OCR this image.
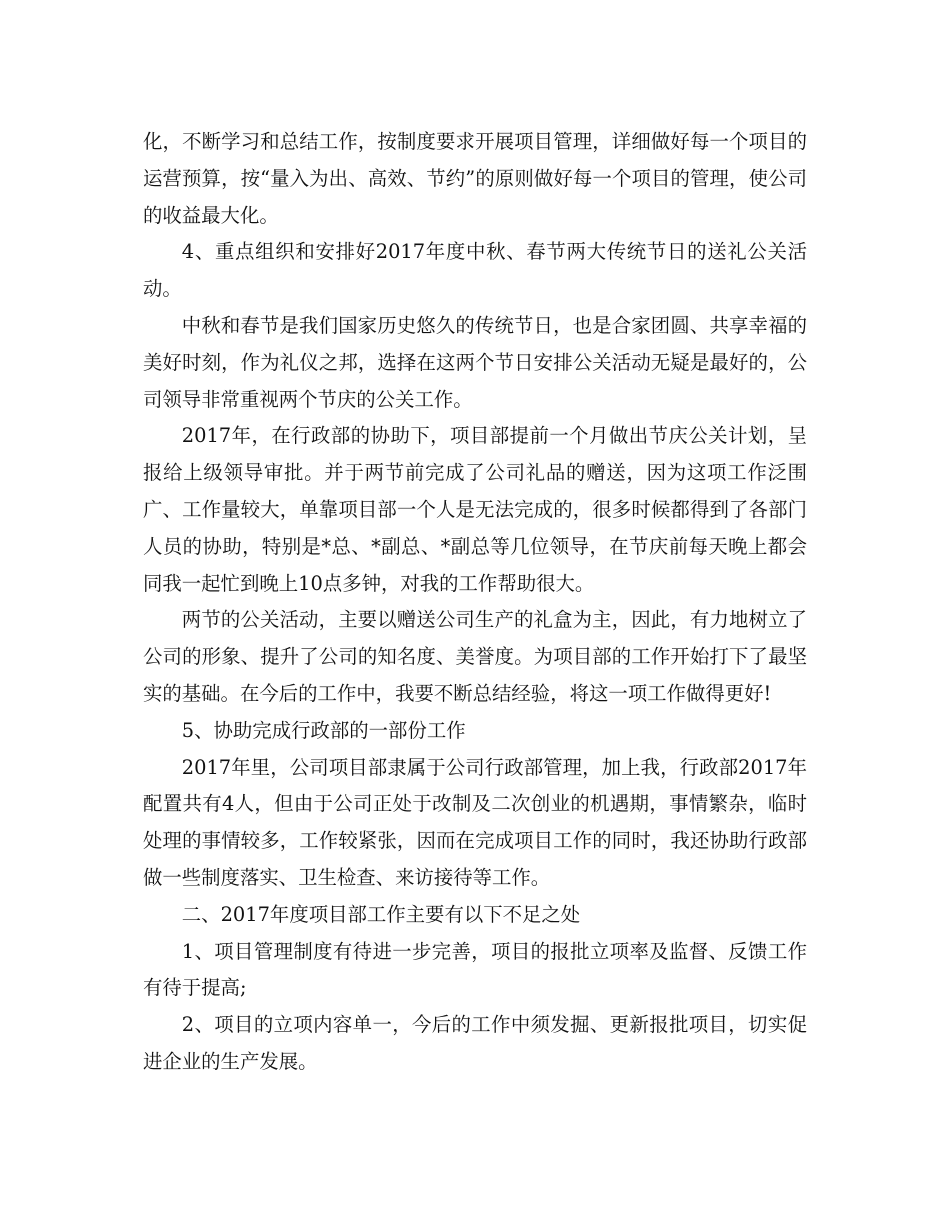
化，不断学习和总结工作，按制度要求开展项目管理，详细做好每一个项目的运营预算，按“量入为出、高效、节约”的原则做好每一个项目的管理，使公司的收益最大化。

4、重点组织和安排好2017年度中秋、春节两大传统节日的送礼公关活动。

中秋和春节是我们国家历史悠久的传统节日，也是合家团圆、共享幸福的美好时刻，作为礼仪之邦，选择在这两个节日安排公关活动无疑是最好的，公司领导非常重视两个节庆的公关工作。

2017年，在行政部的协助下，项目部提前一个月做出节庆公关计划，呈报给上级领导审批。并于两节前完成了公司礼品的赠送，因为这项工作泛围广、工作量较大，单靠项目部一个人是无法完成的，很多时候都得到了各部门人员的协助，特别是*总、*副总、*副总等几位领导，在节庆前每天晚上都会同我一起忙到晚上10点多钟，对我的工作帮助很大。

两节的公关活动，主要以赠送公司生产的礼盒为主，因此，有力地树立了公司的形象、提升了公司的知名度、美誉度。为项目部的工作开始打下了最坚实的基础。在今后的工作中，我要不断总结经验，将这一项工作做得更好!

5、协助完成行政部的一部份工作

2017年里，公司项目部隶属于公司行政部管理，加上我，行政部2017年配置共有4人，但由于公司正处于改制及二次创业的机遇期，事情繁杂，临时处理的事情较多，工作较紧张，因而在完成项目工作的同时，我还协助行政部做一些制度落实、卫生检查、来访接待等工作。

二、2017年度项目部工作主要有以下不足之处

1、项目管理制度有待进一步完善，项目的报批立项率及监督、反馈工作有待于提高;

2、项目的立项内容单一，今后的工作中须发掘、更新报批项目，切实促进企业的生产发展。
